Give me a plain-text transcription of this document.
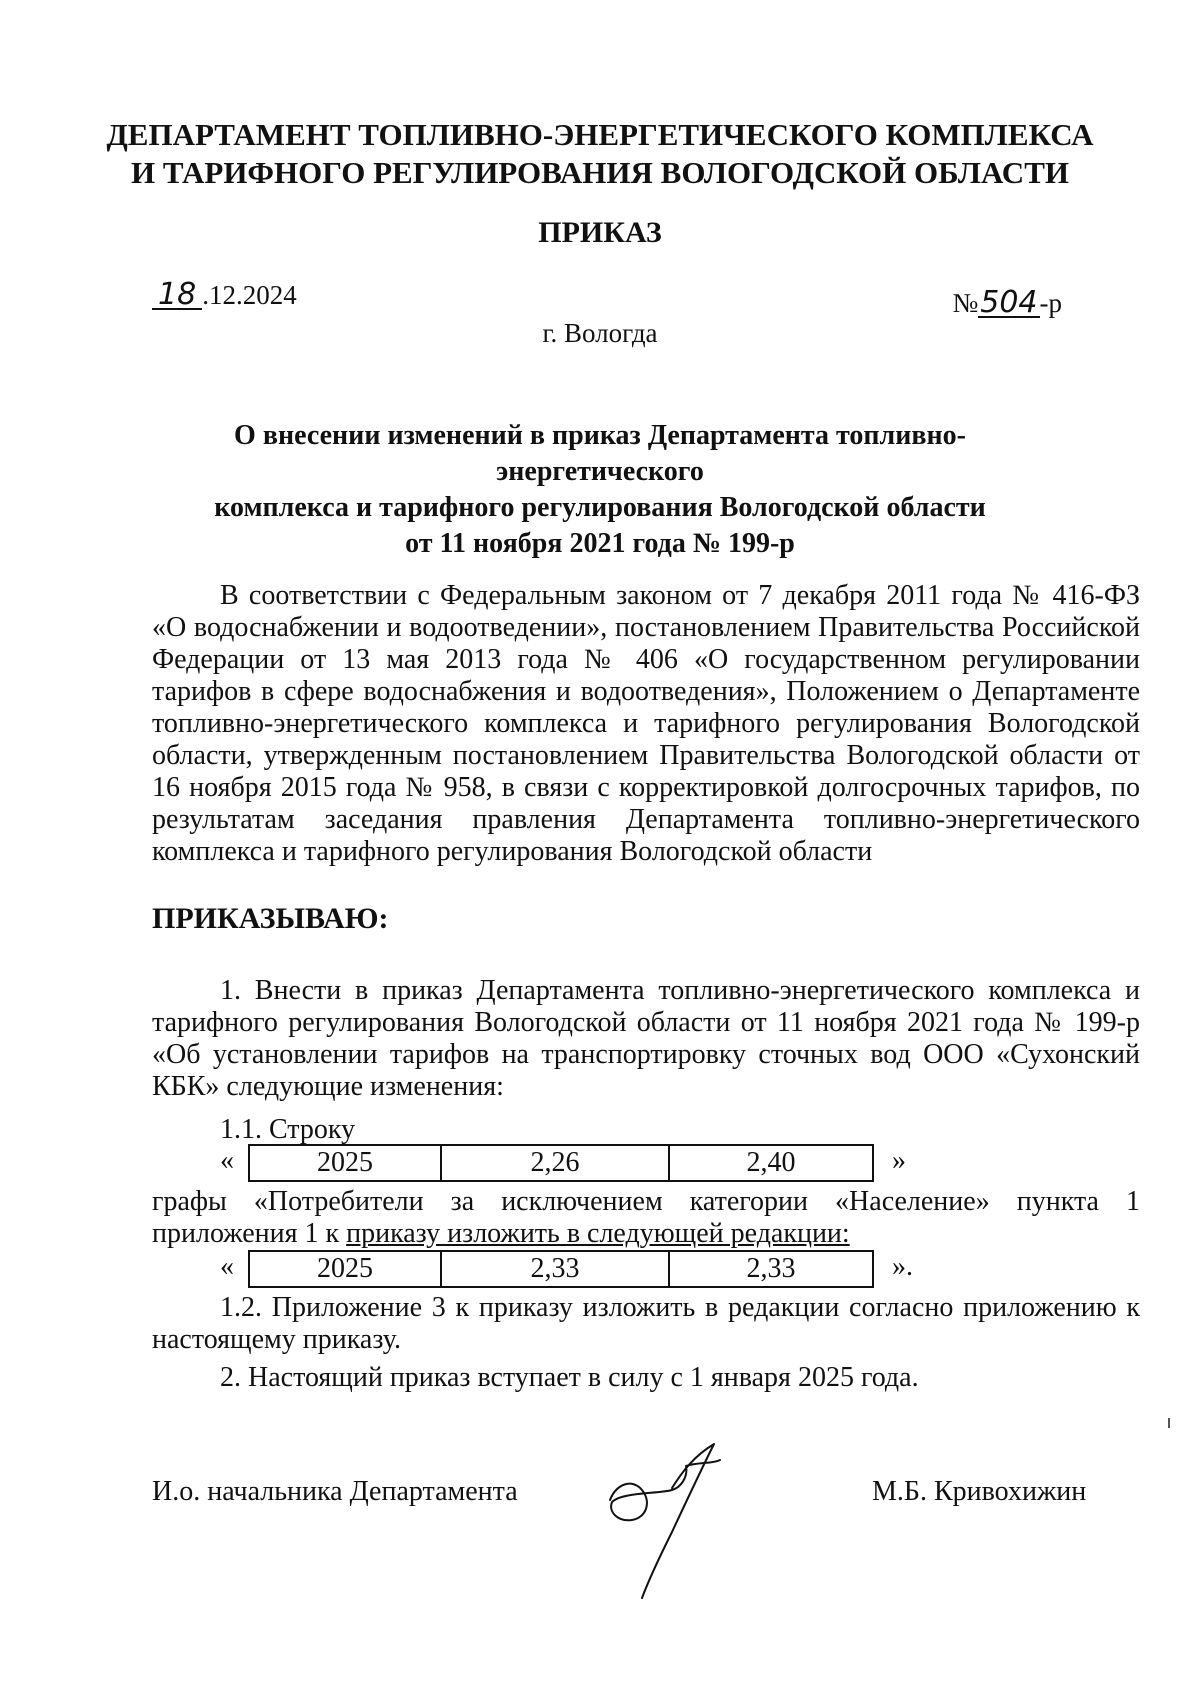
ДЕПАРТАМЕНТ ТОПЛИВНО-ЭНЕРГЕТИЧЕСКОГО КОМПЛЕКСА
И ТАРИФНОГО РЕГУЛИРОВАНИЯ ВОЛОГОДСКОЙ ОБЛАСТИ
ПРИКАЗ
18 .12.2024	№504-р
г. Вологда
О внесении изменений в приказ Департамента топливно-энергетического
комплекса и тарифного регулирования Вологодской области
от 11 ноября 2021 года № 199-р

В соответствии с Федеральным законом от 7 декабря 2011 года № 416-ФЗ «О водоснабжении и водоотведении», постановлением Правительства Российской Федерации от 13 мая 2013 года № 406 «О государственном регулировании тарифов в сфере водоснабжения и водоотведения», Положением о Департаменте топливно-энергетического комплекса и тарифного регулирования Вологодской области, утвержденным постановлением Правительства Вологодской области от 16 ноября 2015 года № 958, в связи с корректировкой долгосрочных тарифов, по результатам заседания правления Департамента топливно-энергетического комплекса и тарифного регулирования Вологодской области

ПРИКАЗЫВАЮ:

1. Внести в приказ Департамента топливно-энергетического комплекса и тарифного регулирования Вологодской области от 11 ноября 2021 года № 199-р «Об установлении тарифов на транспортировку сточных вод ООО «Сухонский КБК» следующие изменения:

1.1. Строку
«	2025	2,26	2,40	»

графы «Потребители за исключением категории «Население» пункта 1 приложения 1 к приказу изложить в следующей редакции:

«	2025	2,33	2,33	».

1.2. Приложение 3 к приказу изложить в редакции согласно приложению к настоящему приказу.

2. Настоящий приказ вступает в силу с 1 января 2025 года.
И.о. начальника Департамента	М.Б. Кривохижин
